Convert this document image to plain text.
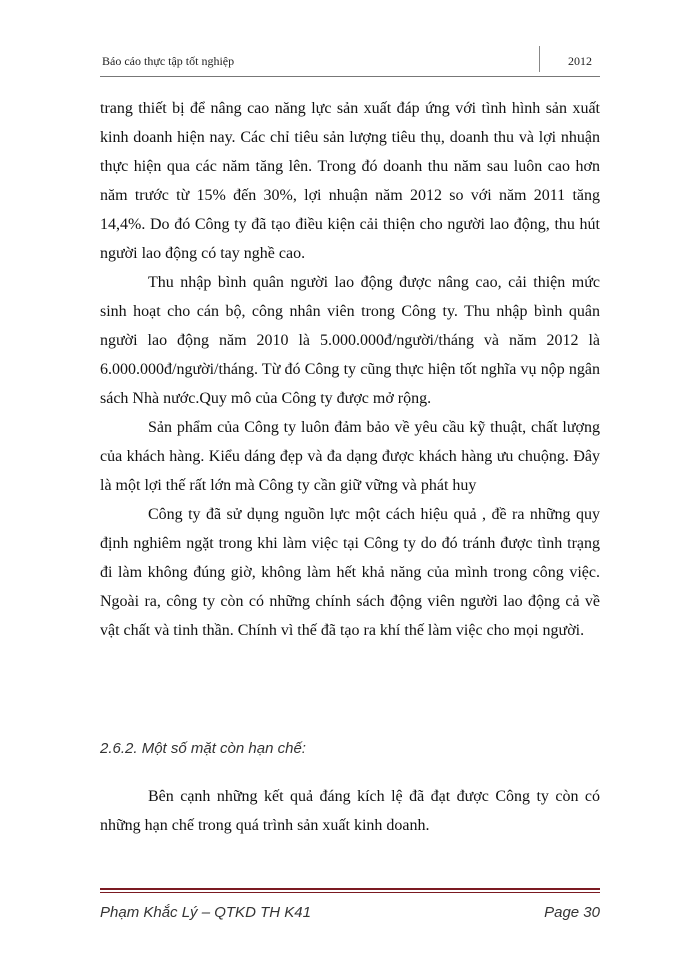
Báo cáo thực tập tốt nghiệp	2012

trang thiết bị để nâng cao năng lực sản xuất đáp ứng với tình hình sản xuất kinh doanh hiện nay. Các chỉ tiêu sản lượng tiêu thụ, doanh thu và lợi nhuận thực hiện qua các năm tăng lên. Trong đó doanh thu năm sau luôn cao hơn năm trước từ 15% đến 30%, lợi nhuận năm 2012 so với năm 2011 tăng 14,4%. Do đó Công ty đã tạo điều kiện cải thiện cho người lao động, thu hút người lao động có tay nghề cao.

Thu nhập bình quân người lao động được nâng cao, cải thiện mức sinh hoạt cho cán bộ, công nhân viên trong Công ty. Thu nhập bình quân người lao động năm 2010 là 5.000.000đ/người/tháng và năm 2012 là 6.000.000đ/người/tháng. Từ đó Công ty cũng thực hiện tốt nghĩa vụ nộp ngân sách Nhà nước.Quy mô của Công ty được mở rộng.

Sản phẩm của Công ty luôn đảm bảo về yêu cầu kỹ thuật, chất lượng của khách hàng. Kiểu dáng đẹp và đa dạng được khách hàng ưu chuộng. Đây là một lợi thế rất lớn mà Công ty cần giữ vững và phát huy

Công ty đã sử dụng nguồn lực một cách hiệu quả , đề ra những quy định nghiêm ngặt trong khi làm việc tại Công ty do đó tránh được tình trạng đi làm không đúng giờ, không làm hết khả năng của mình trong công việc. Ngoài ra, công ty còn có những chính sách động viên người lao động cả về vật chất và tinh thần. Chính vì thế đã tạo ra khí thế làm việc cho mọi người.

2.6.2. Một số mặt còn hạn chế:

Bên cạnh những kết quả đáng kích lệ đã đạt được Công ty còn có những hạn chế trong quá trình sản xuất kinh doanh.

Phạm Khắc Lý – QTKD TH K41	Page 30
